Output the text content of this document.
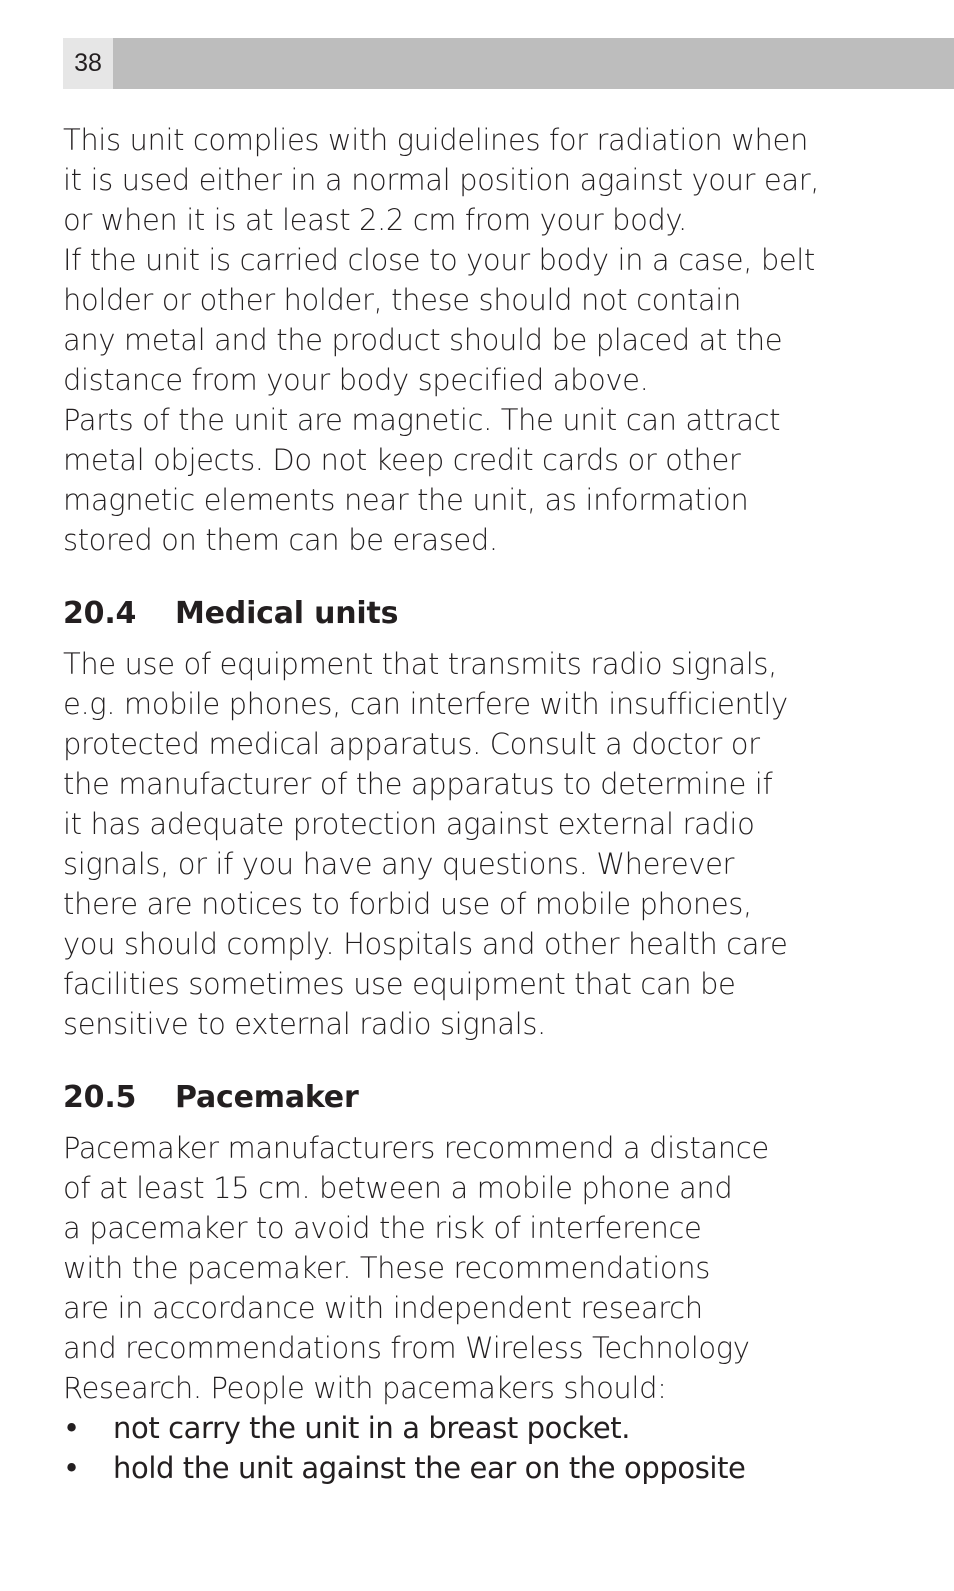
38
This unit complies with guidelines for radiation when
it is used either in a normal position against your ear,
or when it is at least 2.2 cm from your body.
If the unit is carried close to your body in a case, belt
holder or other holder, these should not contain
any metal and the product should be placed at the
distance from your body specified above.
Parts of the unit are magnetic. The unit can attract
metal objects. Do not keep credit cards or other
magnetic elements near the unit, as information
stored on them can be erased.
20.4	Medical units
The use of equipment that transmits radio signals,
e.g. mobile phones, can interfere with insufficiently
protected medical apparatus. Consult a doctor or
the manufacturer of the apparatus to determine if
it has adequate protection against external radio
signals, or if you have any questions. Wherever
there are notices to forbid use of mobile phones,
you should comply. Hospitals and other health care
facilities sometimes use equipment that can be
sensitive to external radio signals.
20.5	Pacemaker
Pacemaker manufacturers recommend a distance
of at least 15 cm. between a mobile phone and
a pacemaker to avoid the risk of interference
with the pacemaker. These recommendations
are in accordance with independent research
and recommendations from Wireless Technology
Research. People with pacemakers should:
•	not carry the unit in a breast pocket.
•	hold the unit against the ear on the opposite
